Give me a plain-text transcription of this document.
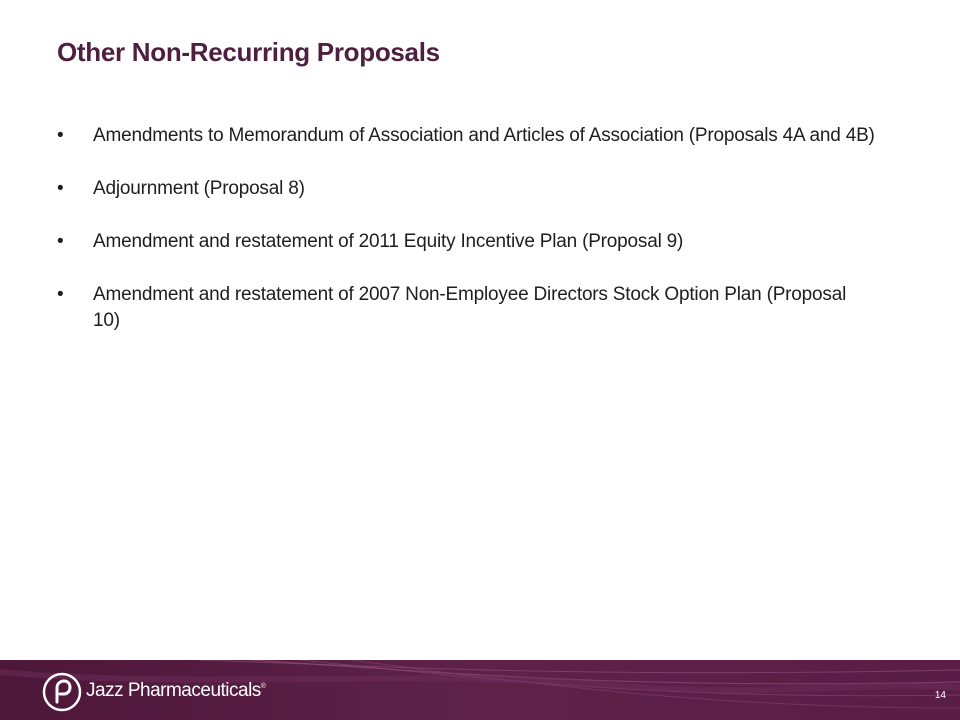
Other Non-Recurring Proposals
• Amendments to Memorandum of Association and Articles of Association (Proposals 4A and 4B)
• Adjournment (Proposal 8)
• Amendment and restatement of 2011 Equity Incentive Plan (Proposal 9)
• Amendment and restatement of 2007 Non-Employee Directors Stock Option Plan (Proposal 10)
Jazz Pharmaceuticals®
14
